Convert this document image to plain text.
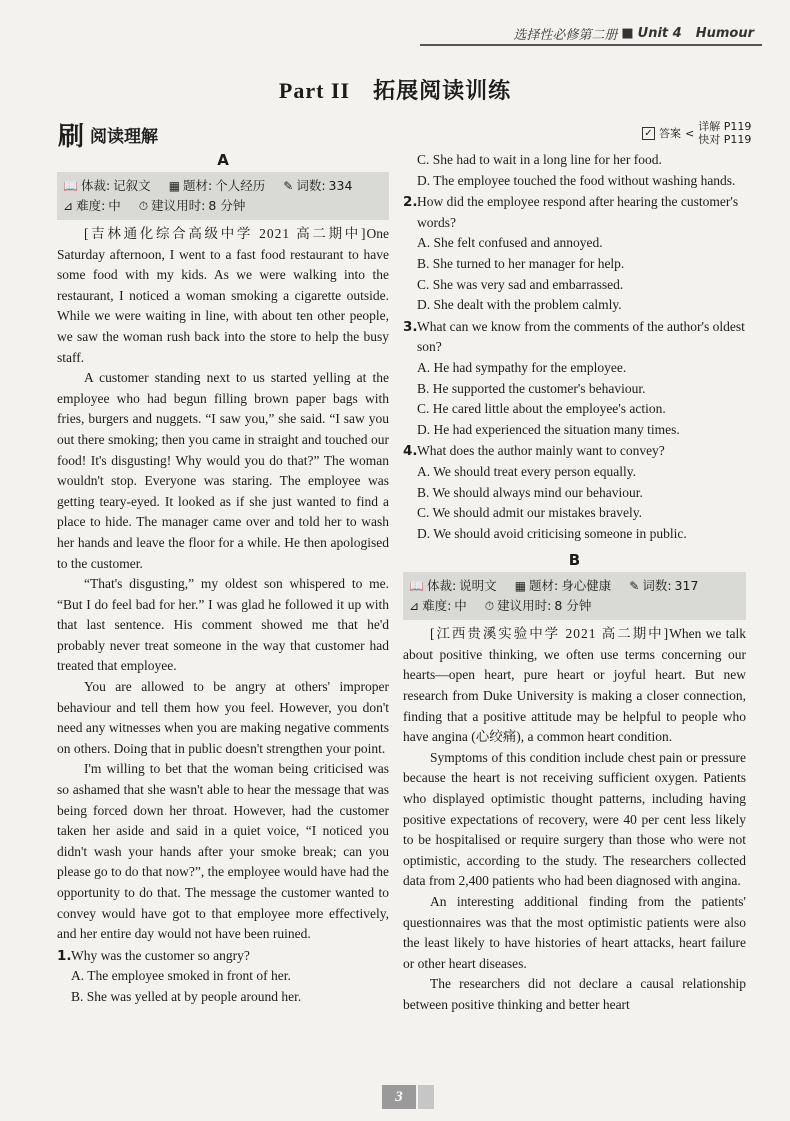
选择性必修第二册 ■ Unit 4 Humour
Part II　拓展阅读训练
刷 阅读理解	✓ 答案 < 详解 P119
快对 P119
A
📖 体裁: 记叙文 ▦ 题材: 个人经历 ✎ 词数: 334
⊿ 难度: 中 ⏱ 建议用时: 8 分钟

[吉林通化综合高级中学 2021 高二期中]One Saturday afternoon, I went to a fast food restaurant to have some food with my kids. As we were walking into the restaurant, I noticed a woman smoking a cigarette outside. While we were waiting in line, with about ten other people, we saw the woman rush back into the store to help the busy staff.

A customer standing next to us started yelling at the employee who had begun filling brown paper bags with fries, burgers and nuggets. “I saw you,” she said. “I saw you out there smoking; then you came in straight and touched our food! It's disgusting! Why would you do that?” The woman wouldn't stop. Everyone was staring. The employee was getting teary-eyed. It looked as if she just wanted to find a place to hide. The manager came over and told her to wash her hands and leave the floor for a while. He then apologised to the customer.

“That's disgusting,” my oldest son whispered to me. “But I do feel bad for her.” I was glad he followed it up with that last sentence. His comment showed me that he'd probably never treat someone in the way that customer had treated that employee.

You are allowed to be angry at others' improper behaviour and tell them how you feel. However, you don't need any witnesses when you are making negative comments on others. Doing that in public doesn't strengthen your point.

I'm willing to bet that the woman being criticised was so ashamed that she wasn't able to hear the message that was being forced down her throat. However, had the customer taken her aside and said in a quiet voice, “I noticed you didn't wash your hands after your smoke break; can you please go to do that now?”, the employee would have had the opportunity to do that. The message the customer wanted to convey would have got to that employee more effectively, and her entire day would not have been ruined.

1. Why was the customer so angry?
A. The employee smoked in front of her.
B. She was yelled at by people around her.
C. She had to wait in a long line for her food.
D. The employee touched the food without washing hands.
2. How did the employee respond after hearing the customer's words?
A. She felt confused and annoyed.
B. She turned to her manager for help.
C. She was very sad and embarrassed.
D. She dealt with the problem calmly.
3. What can we know from the comments of the author's oldest son?
A. He had sympathy for the employee.
B. He supported the customer's behaviour.
C. He cared little about the employee's action.
D. He had experienced the situation many times.
4. What does the author mainly want to convey?
A. We should treat every person equally.
B. We should always mind our behaviour.
C. We should admit our mistakes bravely.
D. We should avoid criticising someone in public.
B
📖 体裁: 说明文 ▦ 题材: 身心健康 ✎ 词数: 317
⊿ 难度: 中 ⏱ 建议用时: 8 分钟

[江西贵溪实验中学 2021 高二期中]When we talk about positive thinking, we often use terms concerning our hearts—open heart, pure heart or joyful heart. But new research from Duke University is making a closer connection, finding that a positive attitude may be helpful to people who have angina (心绞痛), a common heart condition.

Symptoms of this condition include chest pain or pressure because the heart is not receiving sufficient oxygen. Patients who displayed optimistic thought patterns, including having positive expectations of recovery, were 40 per cent less likely to be hospitalised or require surgery than those who were not optimistic, according to the study. The researchers collected data from 2,400 patients who had been diagnosed with angina.

An interesting additional finding from the patients' questionnaires was that the most optimistic patients were also the least likely to have histories of heart attacks, heart failure or other heart diseases.

The researchers did not declare a causal relationship between positive thinking and better heart

3
